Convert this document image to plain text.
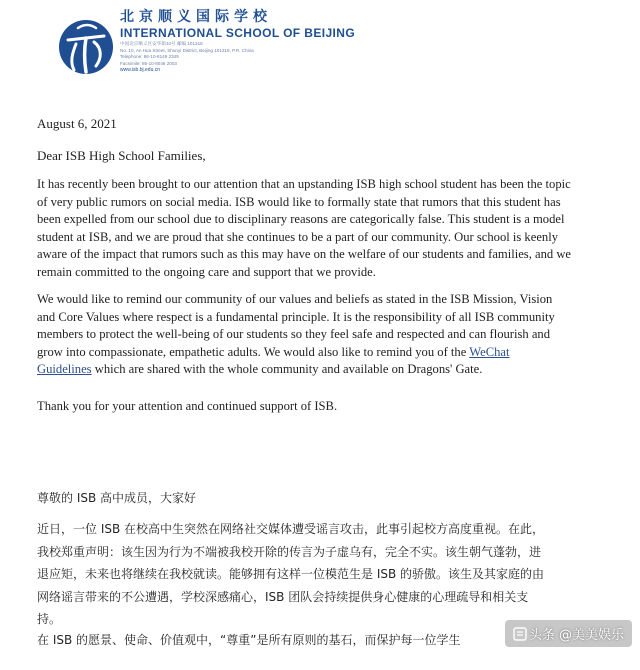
北京顺义国际学校
INTERNATIONAL SCHOOL OF BEIJING
中国北京顺义区安华街10号 邮编 101318
No. 10, An Hua Street, Shunyi District, Beijing 101318, P.R. China
Telephone: 86-10-8149 2345
Facsimile: 86-10-8046 2003
www.isb.bj.edu.cn
August 6, 2021
Dear ISB High School Families,
It has recently been brought to our attention that an upstanding ISB high school student has been the topic
of very public rumors on social media. ISB would like to formally state that rumors that this student has
been expelled from our school due to disciplinary reasons are categorically false. This student is a model
student at ISB, and we are proud that she continues to be a part of our community. Our school is keenly
aware of the impact that rumors such as this may have on the welfare of our students and families, and we
remain committed to the ongoing care and support that we provide.
We would like to remind our community of our values and beliefs as stated in the ISB Mission, Vision
and Core Values where respect is a fundamental principle. It is the responsibility of all ISB community
members to protect the well-being of our students so they feel safe and respected and can flourish and
grow into compassionate, empathetic adults. We would also like to remind you of the WeChat
Guidelines which are shared with the whole community and available on Dragons' Gate.
Thank you for your attention and continued support of ISB.
尊敬的 ISB 高中成员，大家好
近日，一位 ISB 在校高中生突然在网络社交媒体遭受谣言攻击，此事引起校方高度重视。在此，
我校郑重声明：该生因为行为不端被我校开除的传言为子虚乌有，完全不实。该生朝气蓬勃，进
退应矩，未来也将继续在我校就读。能够拥有这样一位模范生是 ISB 的骄傲。该生及其家庭的由
网络谣言带来的不公遭遇，学校深感痛心，ISB 团队会持续提供身心健康的心理疏导和相关支
持。
在 ISB 的愿景、使命、价值观中，“尊重”是所有原则的基石，而保护每一位学生	头条 @美美娱乐
